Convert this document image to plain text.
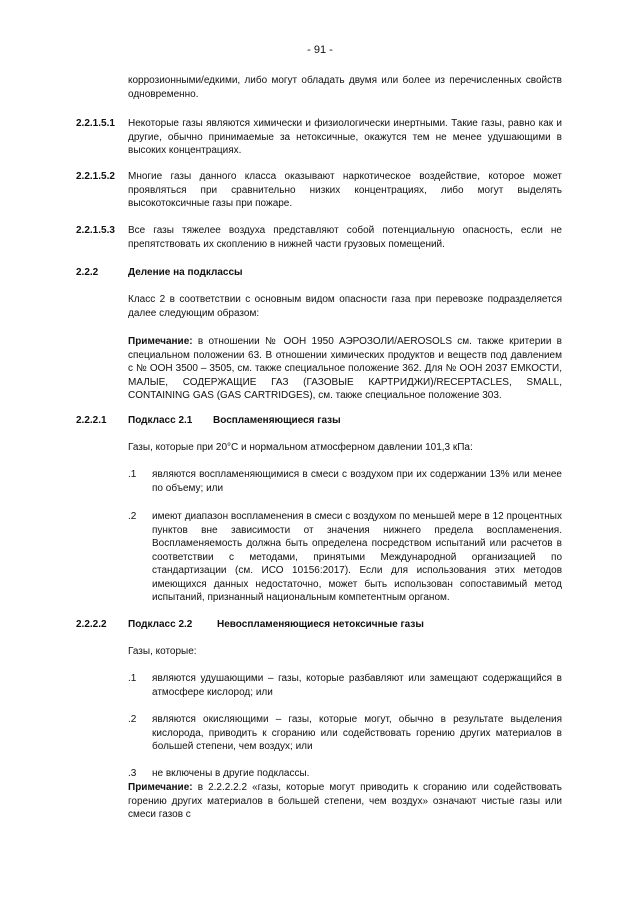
- 91 -
коррозионными/едкими, либо могут обладать двумя или более из перечисленных свойств одновременно.
2.2.1.5.1 Некоторые газы являются химически и физиологически инертными. Такие газы, равно как и другие, обычно принимаемые за нетоксичные, окажутся тем не менее удушающими в высоких концентрациях.
2.2.1.5.2 Многие газы данного класса оказывают наркотическое воздействие, которое может проявляться при сравнительно низких концентрациях, либо могут выделять высокотоксичные газы при пожаре.
2.2.1.5.3 Все газы тяжелее воздуха представляют собой потенциальную опасность, если не препятствовать их скоплению в нижней части грузовых помещений.
2.2.2	Деление на подклассы
Класс 2 в соответствии с основным видом опасности газа при перевозке подразделяется далее следующим образом:
Примечание: в отношении № ООН 1950 АЭРОЗОЛИ/AEROSOLS см. также критерии в специальном положении 63. В отношении химических продуктов и веществ под давлением с № ООН 3500 – 3505, см. также специальное положение 362. Для № ООН 2037 ЕМКОСТИ, МАЛЫЕ, СОДЕРЖАЩИЕ ГАЗ (ГАЗОВЫЕ КАРТРИДЖИ)/RECEPTACLES, SMALL, CONTAINING GAS (GAS CARTRIDGES), см. также специальное положение 303.
2.2.2.1 Подкласс 2.1 Воспламеняющиеся газы
Газы, которые при 20°C и нормальном атмосферном давлении 101,3 кПа:
.1 являются воспламеняющимися в смеси с воздухом при их содержании 13% или менее по объему; или
.2 имеют диапазон воспламенения в смеси с воздухом по меньшей мере в 12 процентных пунктов вне зависимости от значения нижнего предела воспламенения. Воспламеняемость должна быть определена посредством испытаний или расчетов в соответствии с методами, принятыми Международной организацией по стандартизации (см. ИСО 10156:2017). Если для использования этих методов имеющихся данных недостаточно, может быть использован сопоставимый метод испытаний, признанный национальным компетентным органом.
2.2.2.2 Подкласс 2.2 Невоспламеняющиеся нетоксичные газы
Газы, которые:
.1 являются удушающими – газы, которые разбавляют или замещают содержащийся в атмосфере кислород; или
.2 являются окисляющими – газы, которые могут, обычно в результате выделения кислорода, приводить к сгоранию или содействовать горению других материалов в большей степени, чем воздух; или
.3 не включены в другие подклассы.
Примечание: в 2.2.2.2.2 «газы, которые могут приводить к сгоранию или содействовать горению других материалов в большей степени, чем воздух» означают чистые газы или смеси газов с
